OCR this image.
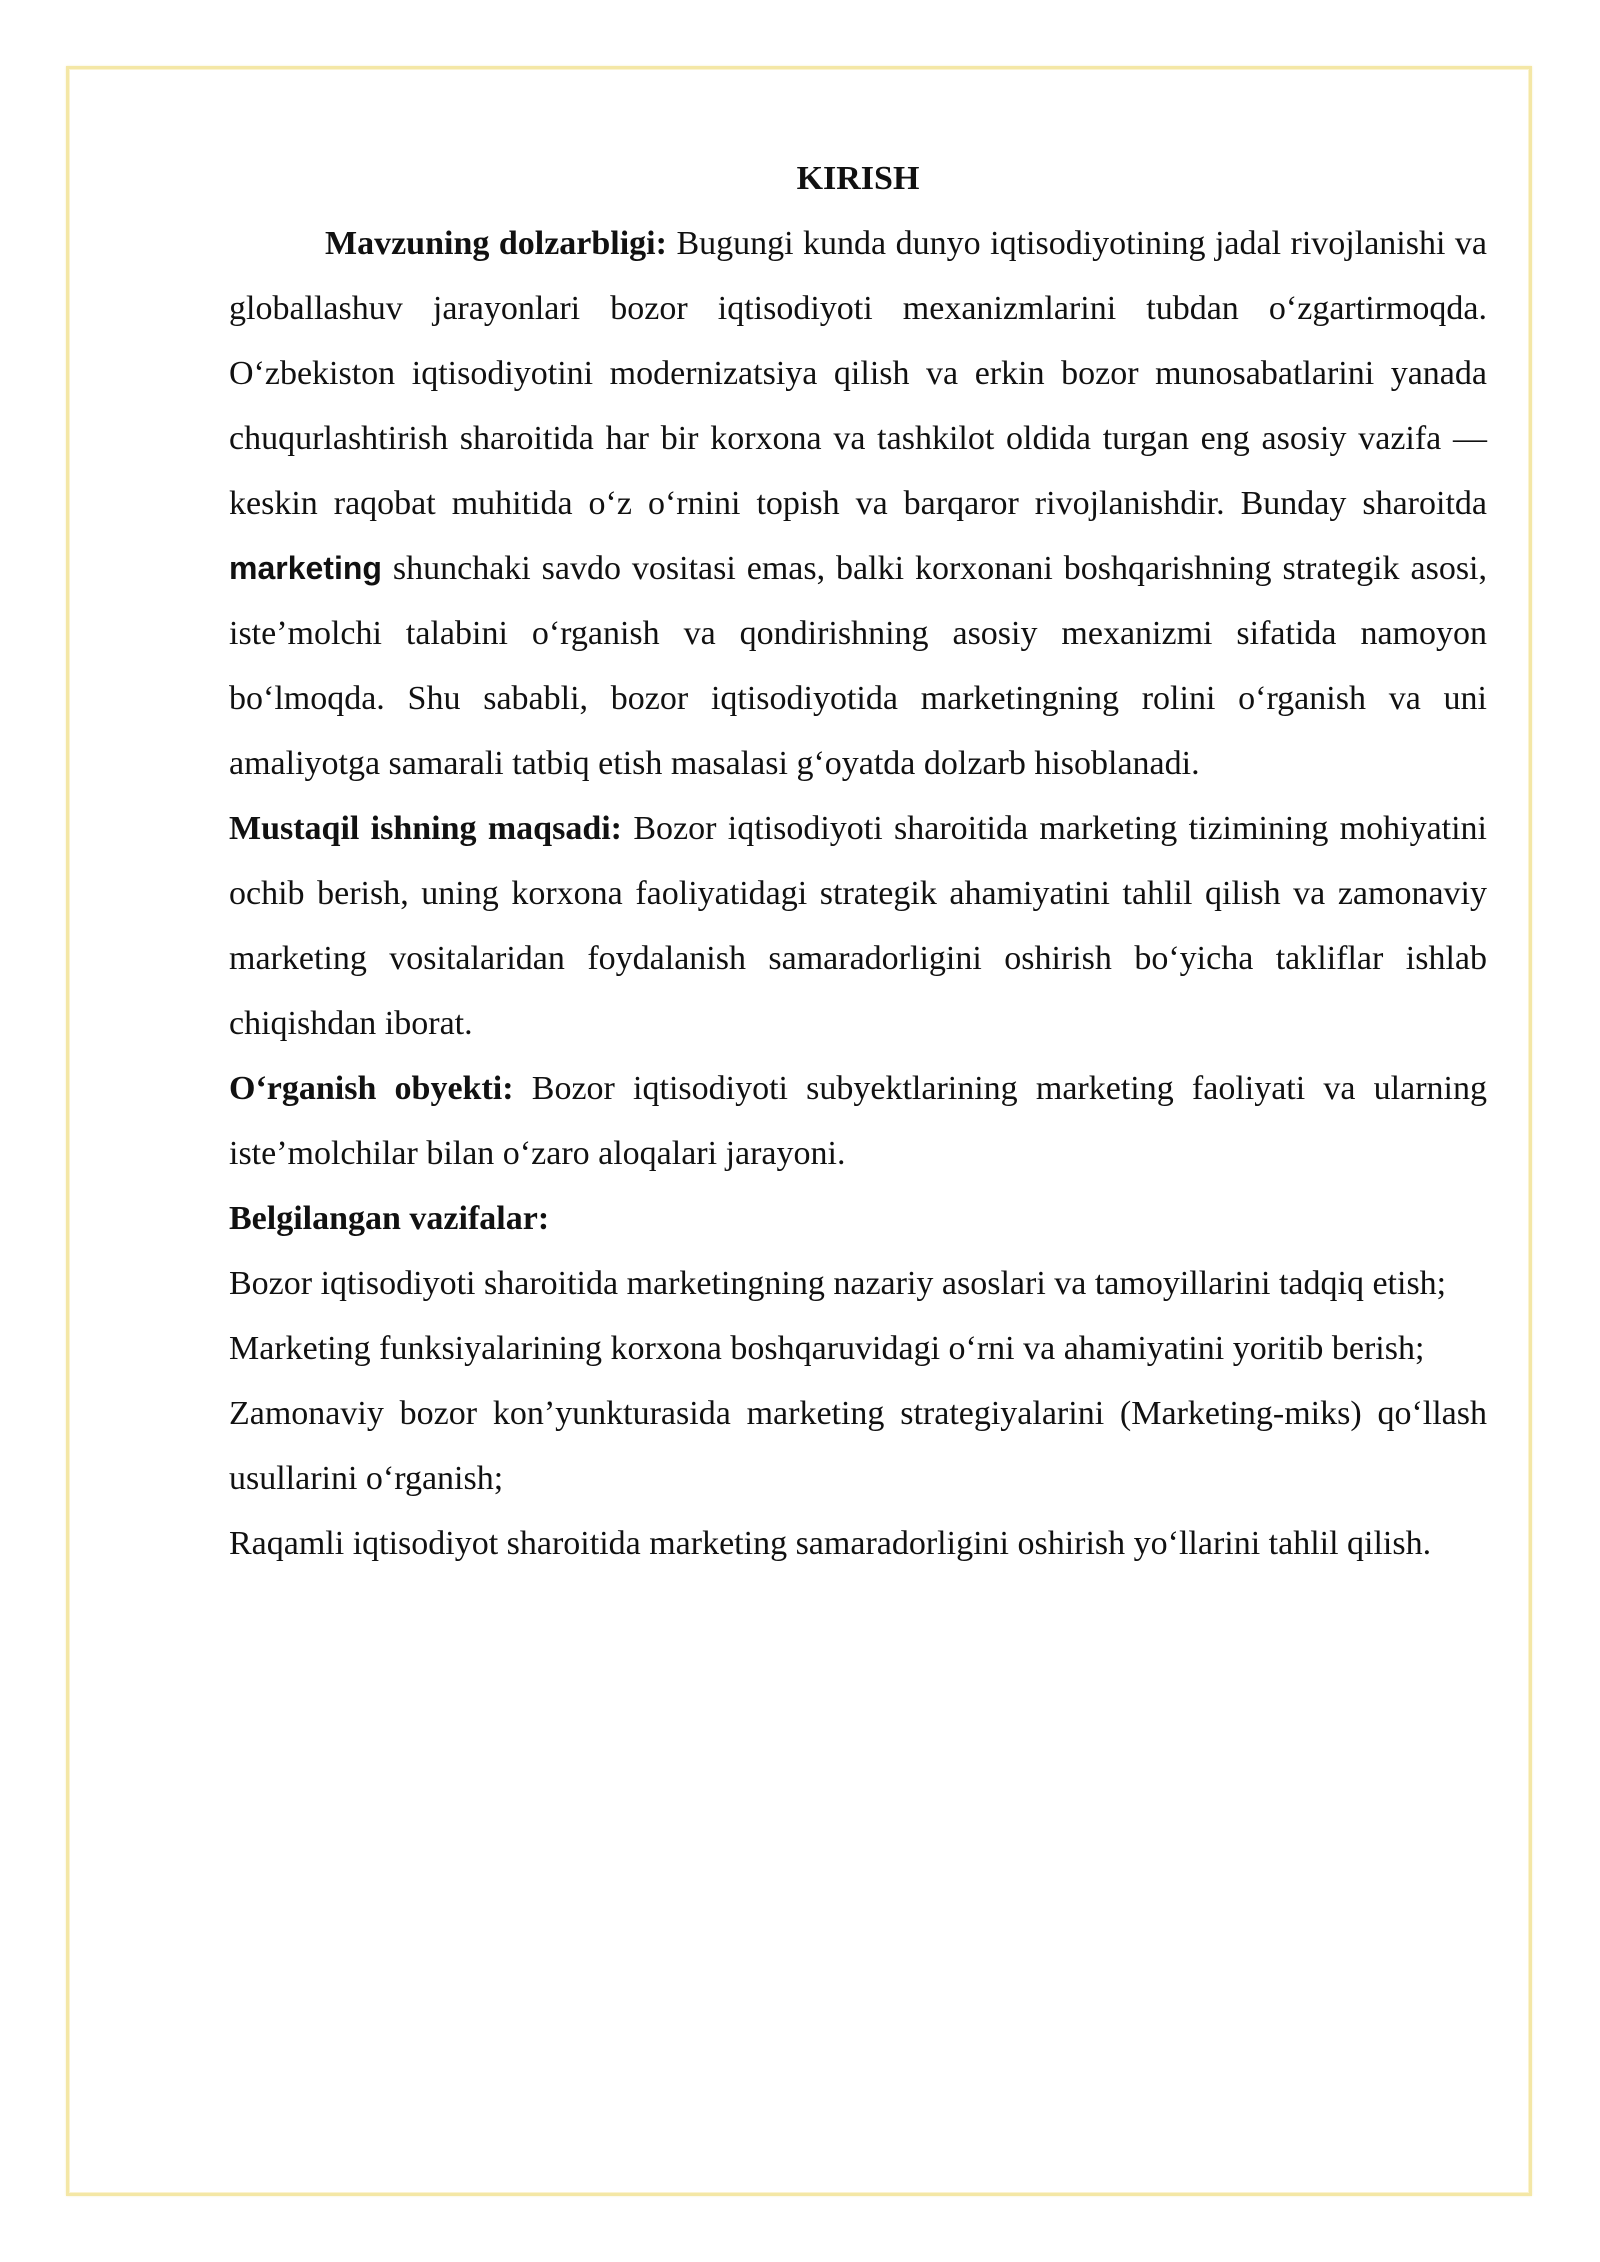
KIRISH

Mavzuning dolzarbligi: Bugungi kunda dunyo iqtisodiyotining jadal rivojlanishi va globallashuv jarayonlari bozor iqtisodiyoti mexanizmlarini tubdan oʻzgartirmoqda. Oʻzbekiston iqtisodiyotini modernizatsiya qilish va erkin bozor munosabatlarini yanada chuqurlashtirish sharoitida har bir korxona va tashkilot oldida turgan eng asosiy vazifa — keskin raqobat muhitida oʻz oʻrnini topish va barqaror rivojlanishdir. Bunday sharoitda marketing shunchaki savdo vositasi emas, balki korxonani boshqarishning strategik asosi, isteʼmolchi talabini oʻrganish va qondirishning asosiy mexanizmi sifatida namoyon boʻlmoqda. Shu sababli, bozor iqtisodiyotida marketingning rolini oʻrganish va uni amaliyotga samarali tatbiq etish masalasi gʻoyatda dolzarb hisoblanadi.

Mustaqil ishning maqsadi: Bozor iqtisodiyoti sharoitida marketing tizimining mohiyatini ochib berish, uning korxona faoliyatidagi strategik ahamiyatini tahlil qilish va zamonaviy marketing vositalaridan foydalanish samaradorligini oshirish boʻyicha takliflar ishlab chiqishdan iborat.

Oʻrganish obyekti: Bozor iqtisodiyoti subyektlarining marketing faoliyati va ularning isteʼmolchilar bilan oʻzaro aloqalari jarayoni.

Belgilangan vazifalar:

Bozor iqtisodiyoti sharoitida marketingning nazariy asoslari va tamoyillarini tadqiq etish;

Marketing funksiyalarining korxona boshqaruvidagi oʻrni va ahamiyatini yoritib berish;

Zamonaviy bozor konʼyunkturasida marketing strategiyalarini (Marketing-miks) qoʻllash usullarini oʻrganish;

Raqamli iqtisodiyot sharoitida marketing samaradorligini oshirish yoʻllarini tahlil qilish.
